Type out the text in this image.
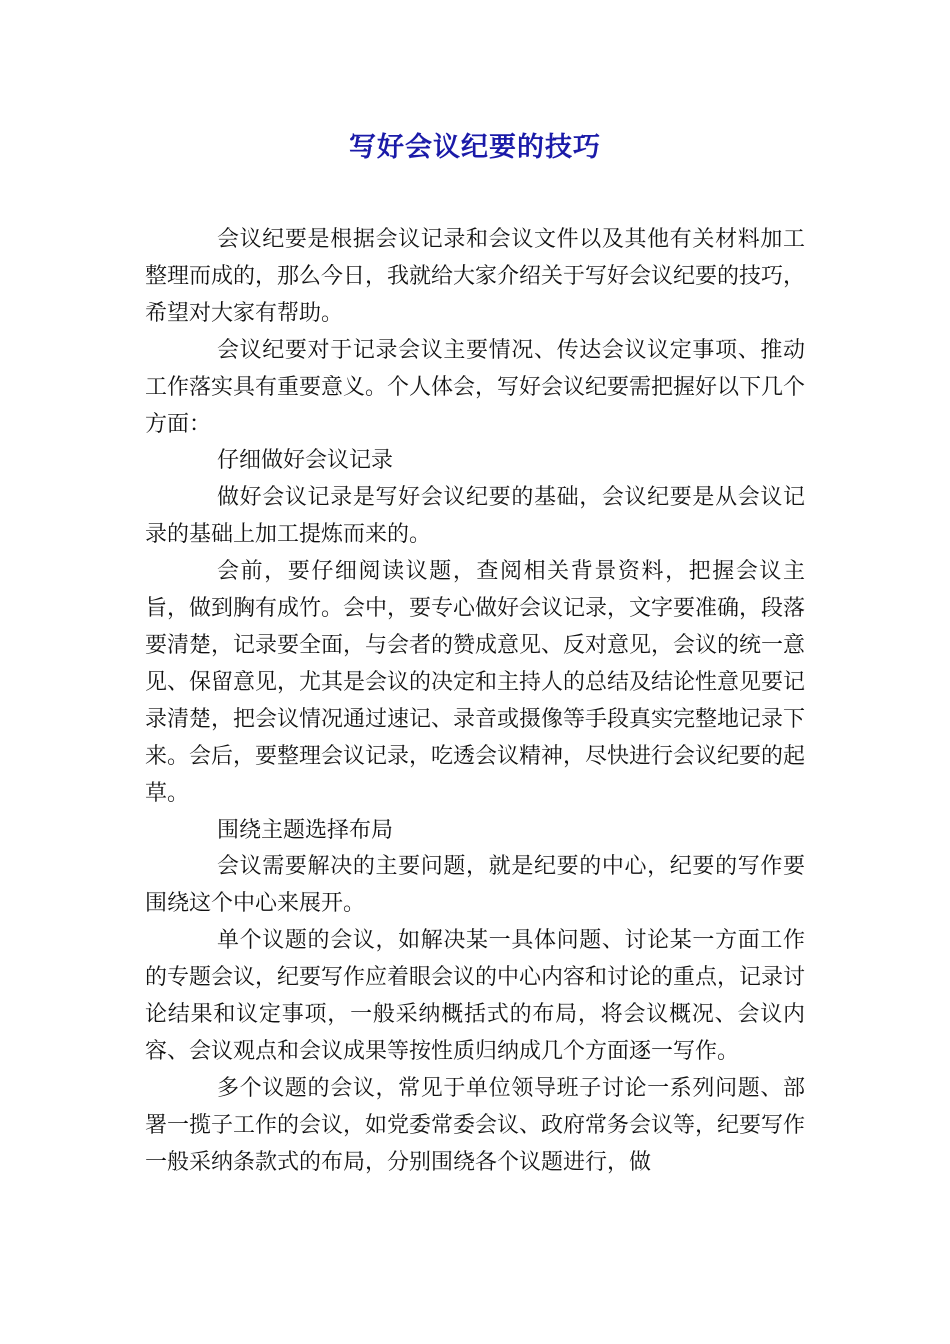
写好会议纪要的技巧

会议纪要是根据会议记录和会议文件以及其他有关材料加工整理而成的，那么今日，我就给大家介绍关于写好会议纪要的技巧，希望对大家有帮助。

会议纪要对于记录会议主要情况、传达会议议定事项、推动工作落实具有重要意义。个人体会，写好会议纪要需把握好以下几个方面：

仔细做好会议记录

做好会议记录是写好会议纪要的基础，会议纪要是从会议记录的基础上加工提炼而来的。

会前，要仔细阅读议题，查阅相关背景资料，把握会议主旨，做到胸有成竹。会中，要专心做好会议记录，文字要准确，段落要清楚，记录要全面，与会者的赞成意见、反对意见，会议的统一意见、保留意见，尤其是会议的决定和主持人的总结及结论性意见要记录清楚，把会议情况通过速记、录音或摄像等手段真实完整地记录下来。会后，要整理会议记录，吃透会议精神，尽快进行会议纪要的起草。

围绕主题选择布局

会议需要解决的主要问题，就是纪要的中心，纪要的写作要围绕这个中心来展开。

单个议题的会议，如解决某一具体问题、讨论某一方面工作的专题会议，纪要写作应着眼会议的中心内容和讨论的重点，记录讨论结果和议定事项，一般采纳概括式的布局，将会议概况、会议内容、会议观点和会议成果等按性质归纳成几个方面逐一写作。

多个议题的会议，常见于单位领导班子讨论一系列问题、部署一揽子工作的会议，如党委常委会议、政府常务会议等，纪要写作一般采纳条款式的布局，分别围绕各个议题进行，做
